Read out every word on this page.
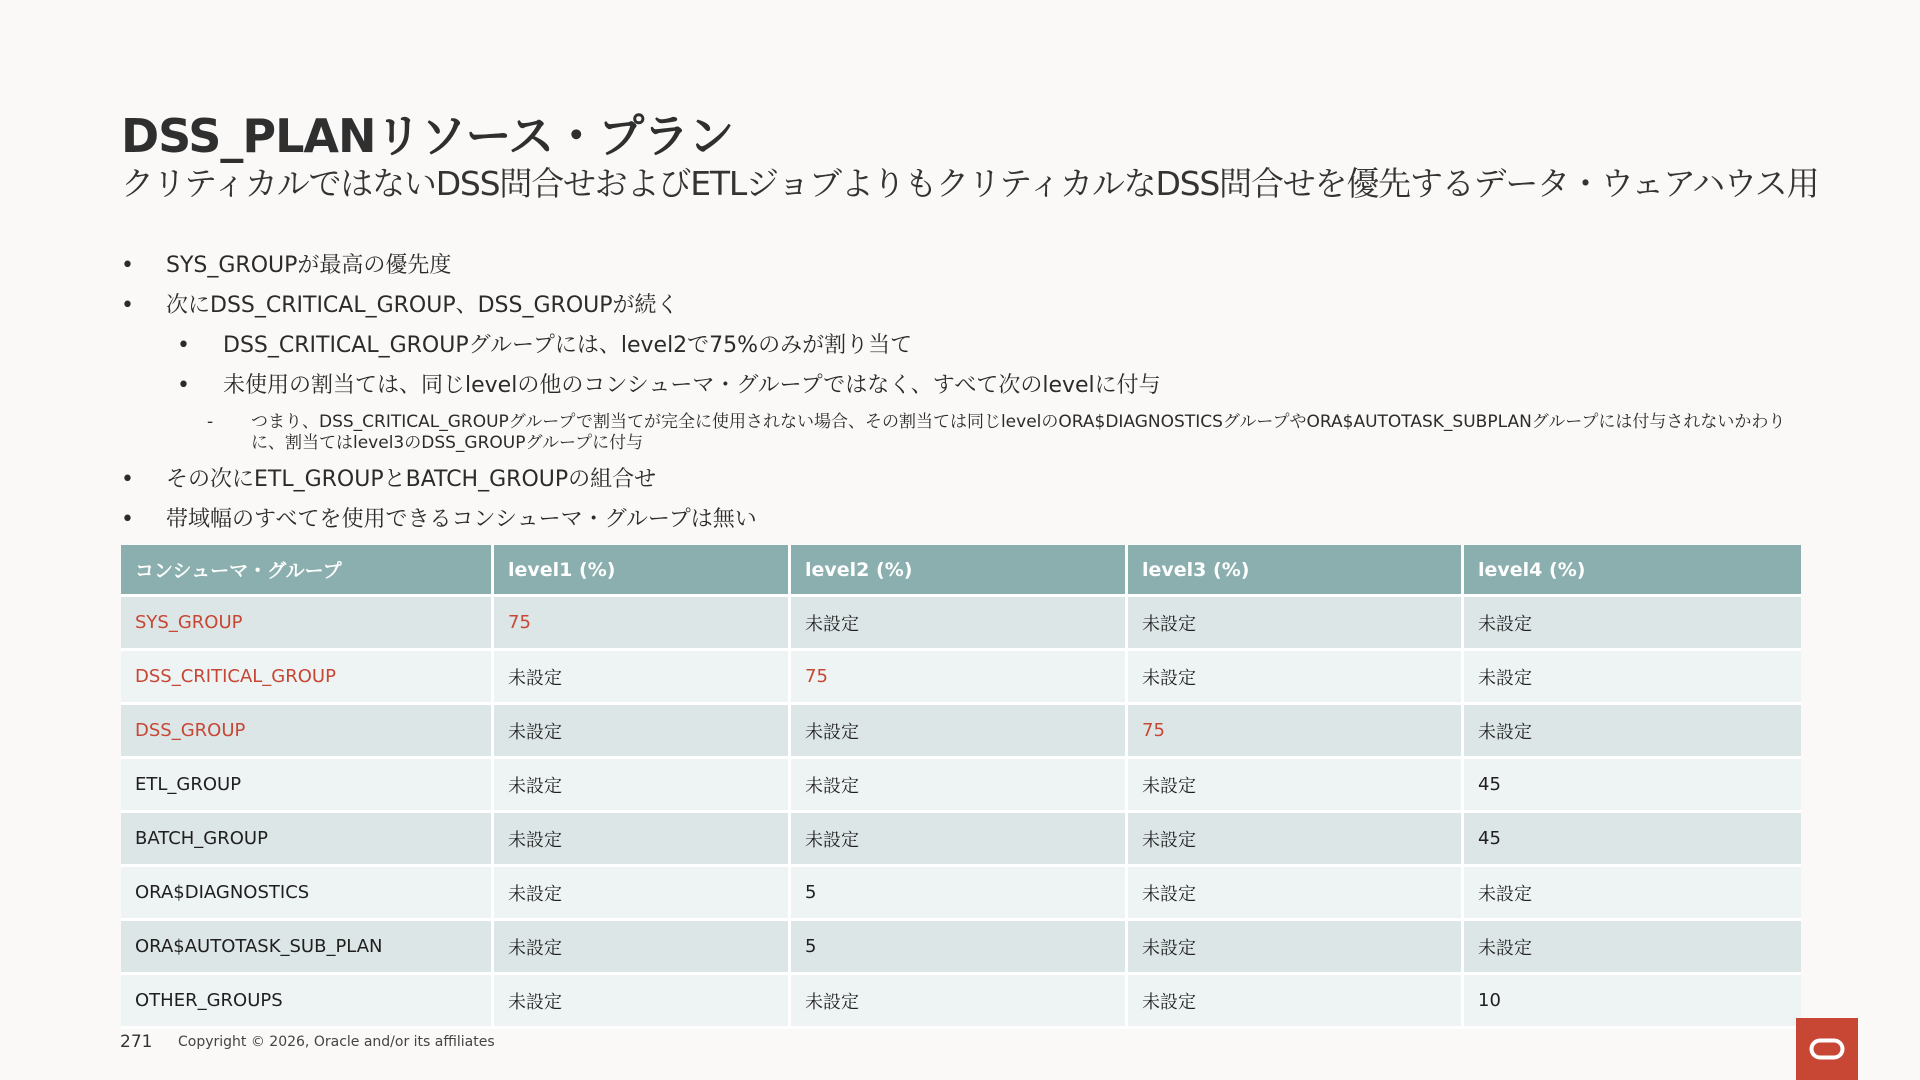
DSS_PLANリソース・プラン
クリティカルではないDSS問合せおよびETLジョブよりもクリティカルなDSS問合せを優先するデータ・ウェアハウス用
• SYS_GROUPが最高の優先度
• 次にDSS_CRITICAL_GROUP、DSS_GROUPが続く
• DSS_CRITICAL_GROUPグループには、level2で75%のみが割り当て
• 未使用の割当ては、同じlevelの他のコンシューマ・グループではなく、すべて次のlevelに付与
- つまり、DSS_CRITICAL_GROUPグループで割当てが完全に使用されない場合、その割当ては同じlevelのORA$DIAGNOSTICSグループやORA$AUTOTASK_SUBPLANグループには付与されないかわりに、割当てはlevel3のDSS_GROUPグループに付与
• その次にETL_GROUPとBATCH_GROUPの組合せ
• 帯域幅のすべてを使用できるコンシューマ・グループは無い
コンシューマ・グループ	level1 (%)	level2 (%)	level3 (%)	level4 (%)
SYS_GROUP	75	未設定	未設定	未設定
DSS_CRITICAL_GROUP	未設定	75	未設定	未設定
DSS_GROUP	未設定	未設定	75	未設定
ETL_GROUP	未設定	未設定	未設定	45
BATCH_GROUP	未設定	未設定	未設定	45
ORA$DIAGNOSTICS	未設定	5	未設定	未設定
ORA$AUTOTASK_SUB_PLAN	未設定	5	未設定	未設定
OTHER_GROUPS	未設定	未設定	未設定	10
271 Copyright © 2026, Oracle and/or its affiliates
